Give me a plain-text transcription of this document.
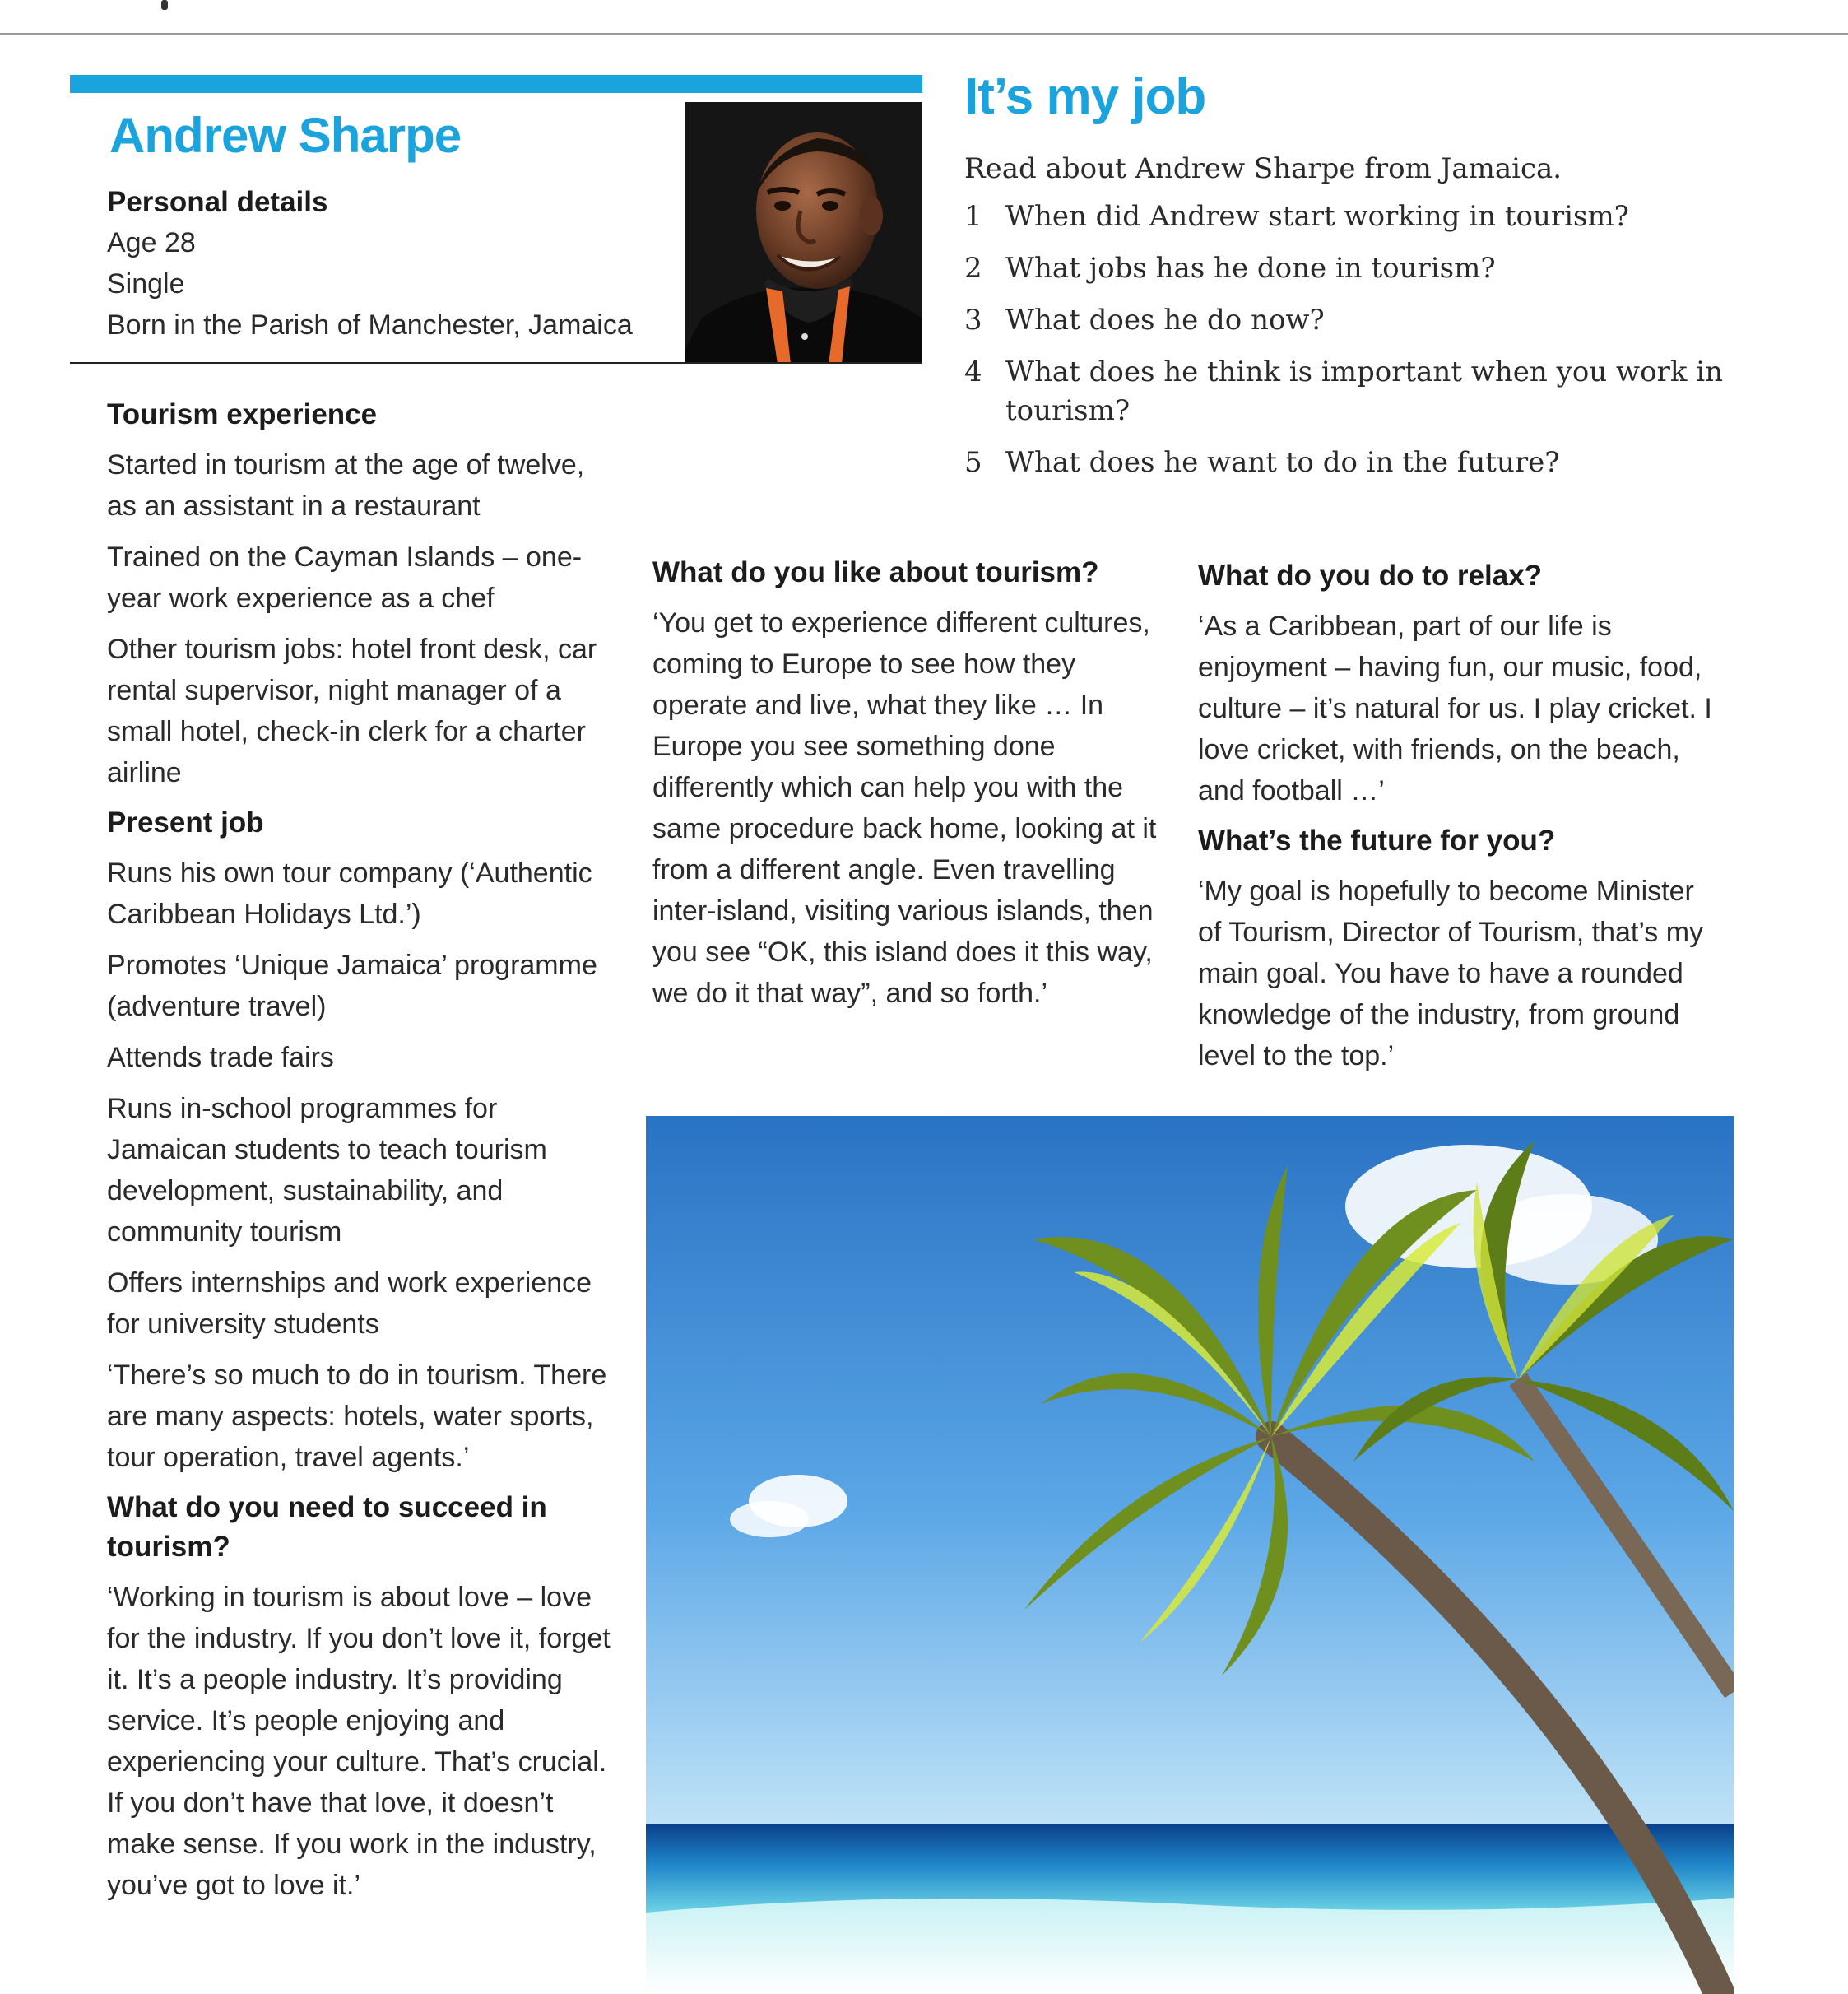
Andrew Sharpe
Personal details
Age 28
Single
Born in the Parish of Manchester, Jamaica
It’s my job
Read about Andrew Sharpe from Jamaica.
1 When did Andrew start working in tourism?
2 What jobs has he done in tourism?
3 What does he do now?
4 What does he think is important when you work in tourism?
5 What does he want to do in the future?
Tourism experience
Started in tourism at the age of twelve, as an assistant in a restaurant
Trained on the Cayman Islands – one-year work experience as a chef
Other tourism jobs: hotel front desk, car rental supervisor, night manager of a small hotel, check-in clerk for a charter airline
Present job
Runs his own tour company (‘Authentic Caribbean Holidays Ltd.’)
Promotes ‘Unique Jamaica’ programme (adventure travel)
Attends trade fairs
Runs in-school programmes for Jamaican students to teach tourism development, sustainability, and community tourism
Offers internships and work experience for university students
‘There’s so much to do in tourism. There are many aspects: hotels, water sports, tour operation, travel agents.’
What do you need to succeed in tourism?
‘Working in tourism is about love – love for the industry. If you don’t love it, forget it. It’s a people industry. It’s providing service. It’s people enjoying and experiencing your culture. That’s crucial. If you don’t have that love, it doesn’t make sense. If you work in the industry, you’ve got to love it.’
What do you like about tourism?
‘You get to experience different cultures, coming to Europe to see how they operate and live, what they like … In Europe you see something done differently which can help you with the same procedure back home, looking at it from a different angle. Even travelling inter-island, visiting various islands, then you see “OK, this island does it this way, we do it that way”, and so forth.’
What do you do to relax?
‘As a Caribbean, part of our life is enjoyment – having fun, our music, food, culture – it’s natural for us. I play cricket. I love cricket, with friends, on the beach, and football …’
What’s the future for you?
‘My goal is hopefully to become Minister of Tourism, Director of Tourism, that’s my main goal. You have to have a rounded knowledge of the industry, from ground level to the top.’
